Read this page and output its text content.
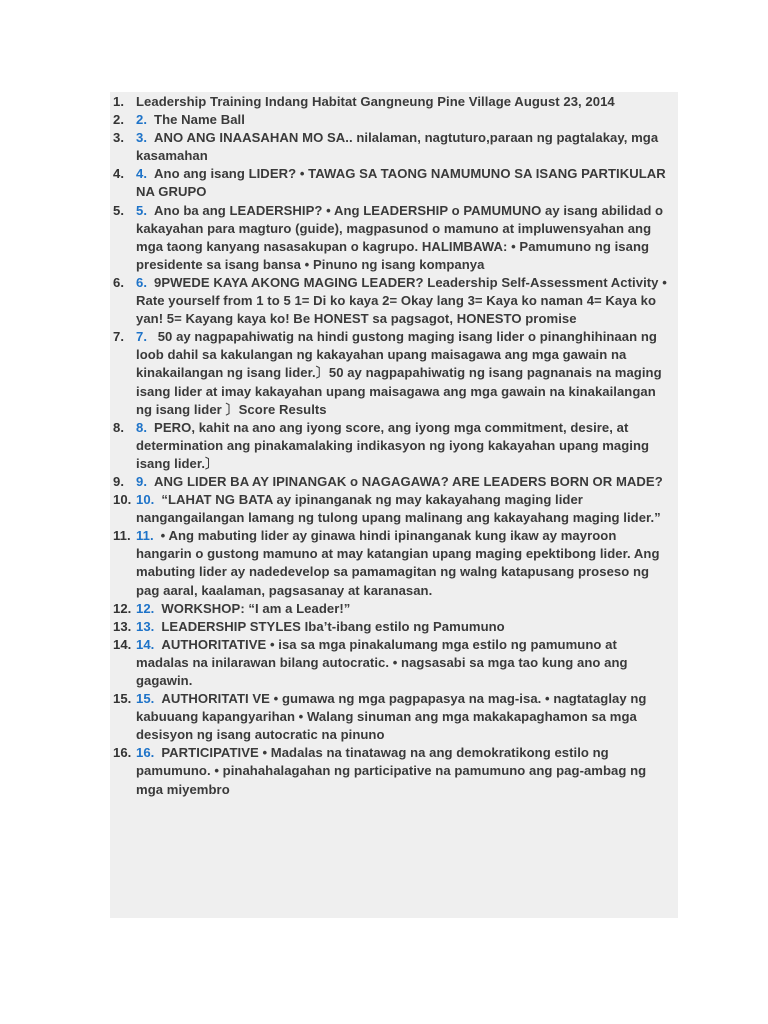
1. Leadership Training Indang Habitat Gangneung Pine Village August 23, 2014
2. 2. The Name Ball
3. 3. ANO ANG INAASAHAN MO SA.. nilalaman, nagtuturo,paraan ng pagtalakay, mga kasamahan
4. 4. Ano ang isang LIDER? • TAWAG SA TAONG NAMUMUNO SA ISANG PARTIKULAR NA GRUPO
5. 5. Ano ba ang LEADERSHIP? • Ang LEADERSHIP o PAMUMUNO ay isang abilidad o kakayahan para magturo (guide), magpasunod o mamuno at impluwensyahan ang mga taong kanyang nasasakupan o kagrupo. HALIMBAWA: • Pamumuno ng isang presidente sa isang bansa • Pinuno ng isang kompanya
6. 6. 9PWEDE KAYA AKONG MAGING LEADER? Leadership Self-Assessment Activity • Rate yourself from 1 to 5 1= Di ko kaya 2= Okay lang 3= Kaya ko naman 4= Kaya ko yan! 5= Kayang kaya ko! Be HONEST sa pagsagot, HONESTO promise
7. 7. 50 ay nagpapahiwatig na hindi gustong maging isang lider o pinanghihinaan ng loob dahil sa kakulangan ng kakayahan upang maisagawa ang mga gawain na kinakailangan ng isang lider.〕50 ay nagpapahiwatig ng isang pagnanais na maging isang lider at imay kakayahan upang maisagawa ang mga gawain na kinakailangan ng isang lider 〕Score Results
8. 8. PERO, kahit na ano ang iyong score, ang iyong mga commitment, desire, at determination ang pinakamalaking indikasyon ng iyong kakayahan upang maging isang lider.〕
9. 9. ANG LIDER BA AY IPINANGAK o NAGAGAWA? ARE LEADERS BORN OR MADE?
10. 10. “LAHAT NG BATA ay ipinanganak ng may kakayahang maging lider nangangailangan lamang ng tulong upang malinang ang kakayahang maging lider.”
11. 11. • Ang mabuting lider ay ginawa hindi ipinanganak kung ikaw ay mayroon hangarin o gustong mamuno at may katangian upang maging epektibong lider. Ang mabuting lider ay nadedevelop sa pamamagitan ng walng katapusang proseso ng pag aaral, kaalaman, pagsasanay at karanasan.
12. 12. WORKSHOP: “I am a Leader!”
13. 13. LEADERSHIP STYLES Iba’t-ibang estilo ng Pamumuno
14. 14. AUTHORITATIVE • isa sa mga pinakalumang mga estilo ng pamumuno at madalas na inilarawan bilang autocratic. • nagsasabi sa mga tao kung ano ang gagawin.
15. 15. AUTHORITATI VE • gumawa ng mga pagpapasya na mag-isa. • nagtataglay ng kabuuang kapangyarihan • Walang sinuman ang mga makakapaghamon sa mga desisyon ng isang autocratic na pinuno
16. 16. PARTICIPATIVE • Madalas na tinatawag na ang demokratikong estilo ng pamumuno. • pinahahalagahan ng participative na pamumuno ang pag-ambag ng mga miyembro
